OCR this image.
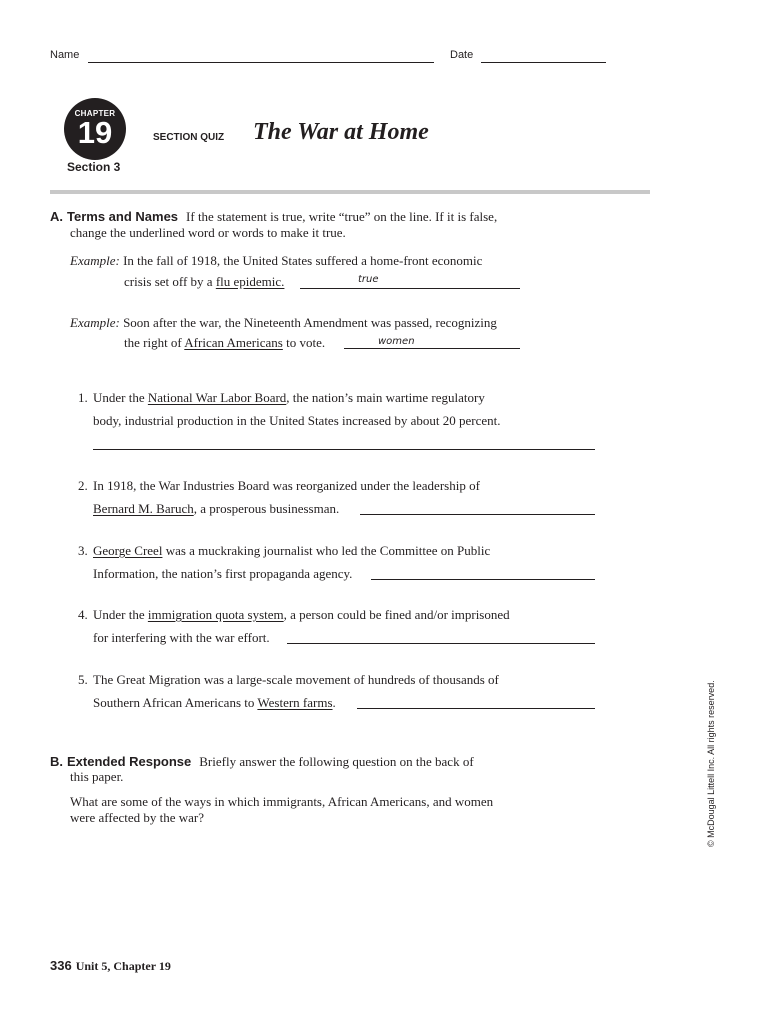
Name	Date
CHAPTER
19
Section 3
SECTION QUIZ The War at Home
A. Terms and Names If the statement is true, write “true” on the line. If it is false,
change the underlined word or words to make it true.
Example: In the fall of 1918, the United States suffered a home-front economic
crisis set off by a flu epidemic.	true
Example: Soon after the war, the Nineteenth Amendment was passed, recognizing
the right of African Americans to vote.	women
1. Under the National War Labor Board, the nation’s main wartime regulatory
body, industrial production in the United States increased by about 20 percent.
2. In 1918, the War Industries Board was reorganized under the leadership of
Bernard M. Baruch, a prosperous businessman.
3. George Creel was a muckraking journalist who led the Committee on Public
Information, the nation’s first propaganda agency.
4. Under the immigration quota system, a person could be fined and/or imprisoned
for interfering with the war effort.
5. The Great Migration was a large-scale movement of hundreds of thousands of
Southern African Americans to Western farms.
B. Extended Response Briefly answer the following question on the back of
this paper.
What are some of the ways in which immigrants, African Americans, and women
were affected by the war?	© McDougal Littell Inc. All rights reserved.
336 Unit 5, Chapter 19
